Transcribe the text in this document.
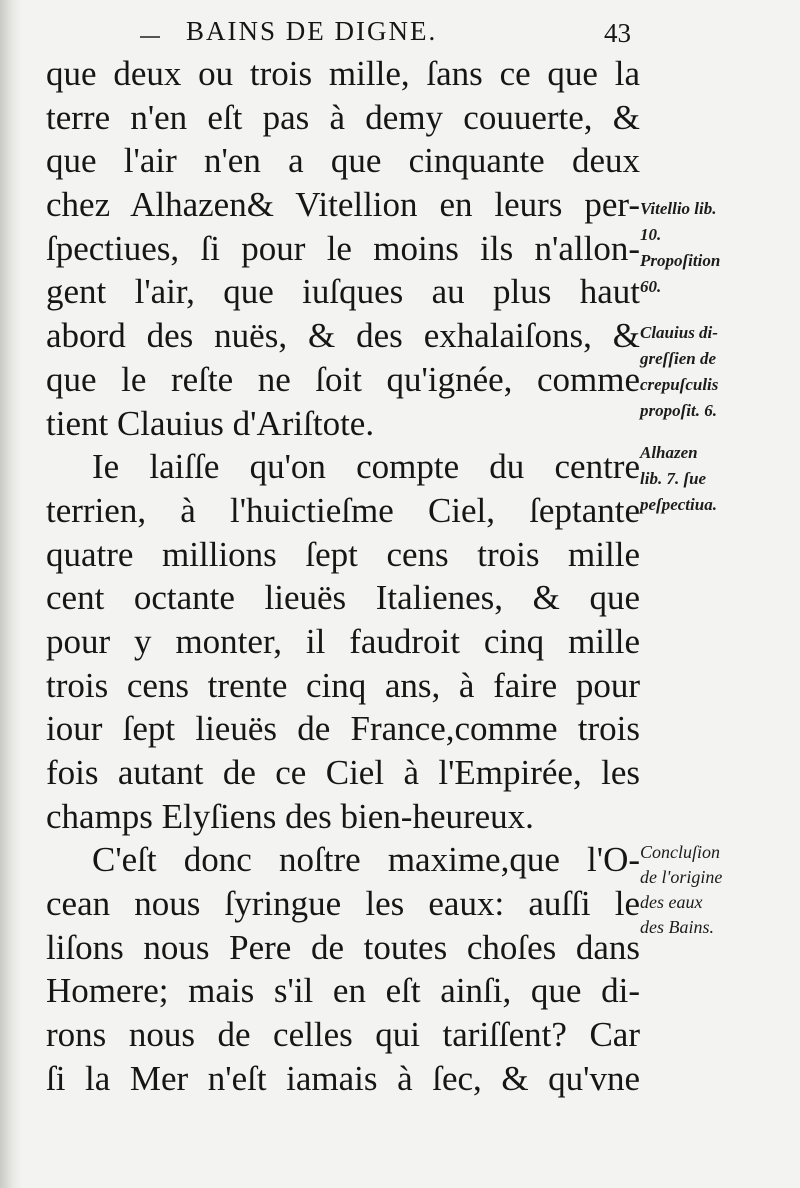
BAINS DE DIGNE.	43
que deux ou trois mille, ſans ce que la
terre n'en eſt pas à demy couuerte, &
que l'air n'en a que cinquante deux
chez Alhazen& Vitellion en leurs per-
ſpectiues, ſi pour le moins ils n'allon-
gent l'air, que iuſques au plus haut
abord des nuës, & des exhalaiſons, &
que le reſte ne ſoit qu'ignée, comme
tient Clauius d'Ariſtote.
Ie laiſſe qu'on compte du centre
terrien, à l'huictieſme Ciel, ſeptante
quatre millions ſept cens trois mille
cent octante lieuës Italienes, & que
pour y monter, il faudroit cinq mille
trois cens trente cinq ans, à faire pour
iour ſept lieuës de France,comme trois
fois autant de ce Ciel à l'Empirée, les
champs Elyſiens des bien-heureux.
C'eſt donc noſtre maxime,que l'O-
cean nous ſyringue les eaux: auſſi le
liſons nous Pere de toutes choſes dans
Homere; mais s'il en eſt ainſi, que di-
rons nous de celles qui tariſſent? Car
ſi la Mer n'eſt iamais à ſec, & qu'vne
Vitellio lib.
10.
Propoſition
60.
Clauius di-
greſſien de
crepuſculis
propoſit. 6.
Alhazen
lib. 7. ſue
peſpectiua.
Concluſion
de l'origine
des eaux
des Bains.
